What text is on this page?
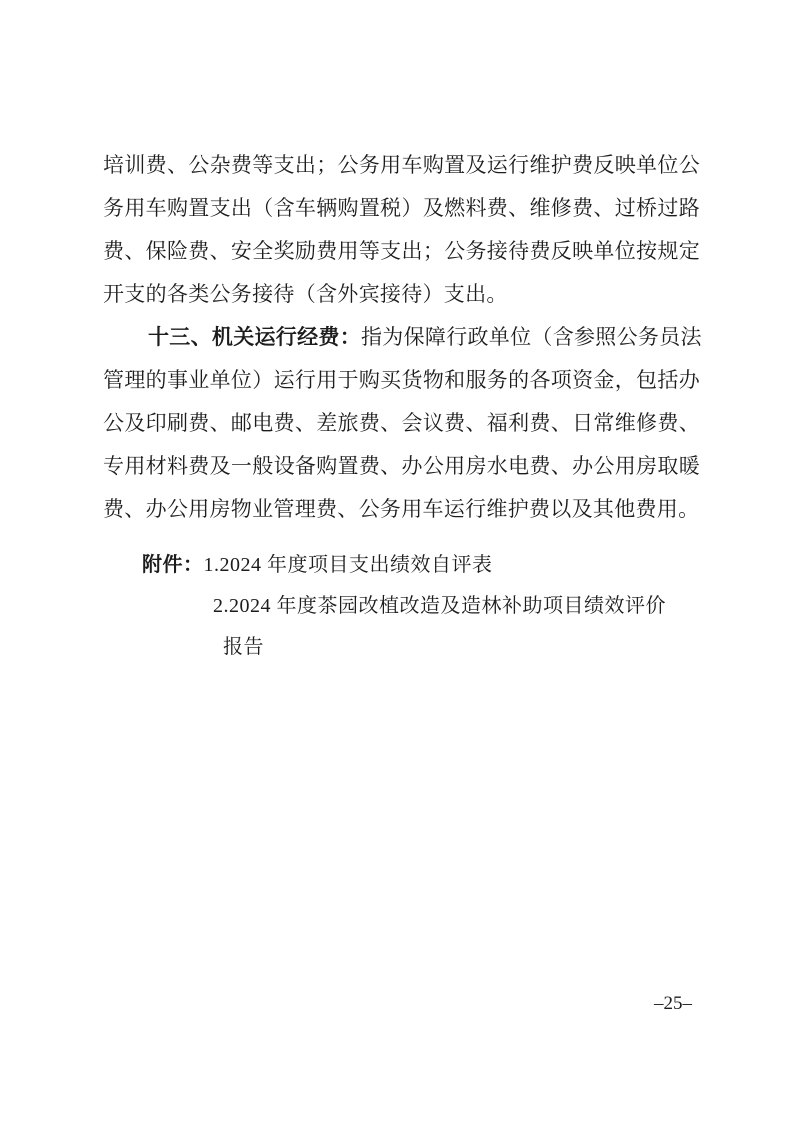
培训费、公杂费等支出；公务用车购置及运行维护费反映单位公
务用车购置支出（含车辆购置税）及燃料费、维修费、过桥过路
费、保险费、安全奖励费用等支出；公务接待费反映单位按规定
开支的各类公务接待（含外宾接待）支出。
十三、机关运行经费：指为保障行政单位（含参照公务员法
管理的事业单位）运行用于购买货物和服务的各项资金，包括办
公及印刷费、邮电费、差旅费、会议费、福利费、日常维修费、
专用材料费及一般设备购置费、办公用房水电费、办公用房取暖
费、办公用房物业管理费、公务用车运行维护费以及其他费用。
附件：1.2024 年度项目支出绩效自评表
2.2024 年度茶园改植改造及造林补助项目绩效评价
报告
–25–
